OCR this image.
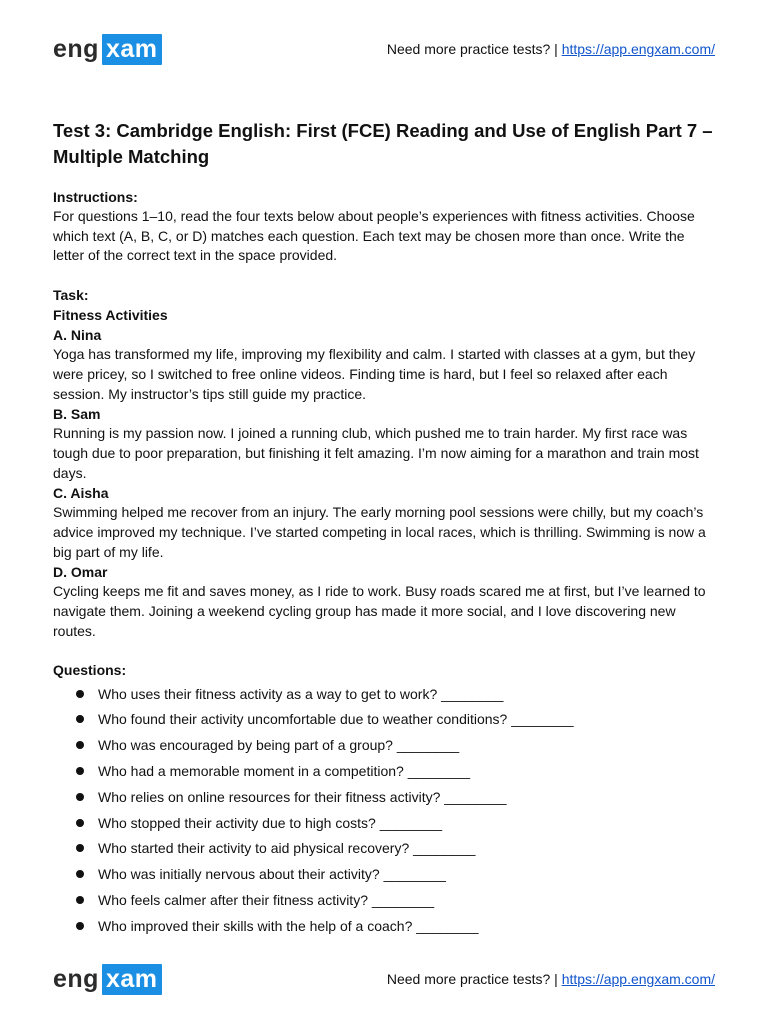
eng xam	Need more practice tests? | https://app.engxam.com/
Test 3: Cambridge English: First (FCE) Reading and Use of English Part 7 – Multiple Matching
Instructions:
For questions 1–10, read the four texts below about people’s experiences with fitness activities. Choose which text (A, B, C, or D) matches each question. Each text may be chosen more than once. Write the letter of the correct text in the space provided.
Task:
Fitness Activities
A. Nina
Yoga has transformed my life, improving my flexibility and calm. I started with classes at a gym, but they were pricey, so I switched to free online videos. Finding time is hard, but I feel so relaxed after each session. My instructor’s tips still guide my practice.
B. Sam
Running is my passion now. I joined a running club, which pushed me to train harder. My first race was tough due to poor preparation, but finishing it felt amazing. I’m now aiming for a marathon and train most days.
C. Aisha
Swimming helped me recover from an injury. The early morning pool sessions were chilly, but my coach’s advice improved my technique. I’ve started competing in local races, which is thrilling. Swimming is now a big part of my life.
D. Omar
Cycling keeps me fit and saves money, as I ride to work. Busy roads scared me at first, but I’ve learned to navigate them. Joining a weekend cycling group has made it more social, and I love discovering new routes.
Questions:
Who uses their fitness activity as a way to get to work? ________
Who found their activity uncomfortable due to weather conditions? ________
Who was encouraged by being part of a group? ________
Who had a memorable moment in a competition? ________
Who relies on online resources for their fitness activity? ________
Who stopped their activity due to high costs? ________
Who started their activity to aid physical recovery? ________
Who was initially nervous about their activity? ________
Who feels calmer after their fitness activity? ________
Who improved their skills with the help of a coach? ________
eng xam	Need more practice tests? | https://app.engxam.com/
